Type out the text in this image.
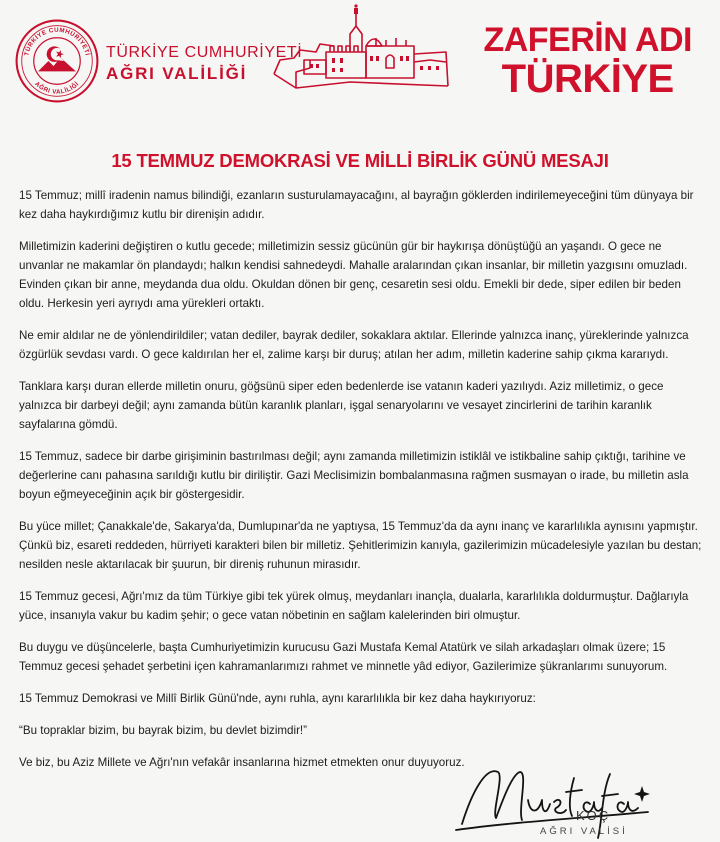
TÜRKİYE CUMHURİYETİ
AĞRI VALİLİĞİ
TÜRKİYE CUMHURİYETİ
AĞRI VALİLİĞİ
ZAFERİN ADI
TÜRKİYE
15 TEMMUZ DEMOKRASİ VE MİLLİ BİRLİK GÜNÜ MESAJI

15 Temmuz; millî iradenin namus bilindiği, ezanların susturulamayacağını, al bayrağın göklerden indirilemeyeceğini tüm dünyaya bir kez daha haykırdığımız kutlu bir direnişin adıdır.

Milletimizin kaderini değiştiren o kutlu gecede; milletimizin sessiz gücünün gür bir haykırışa dönüştüğü an yaşandı. O gece ne unvanlar ne makamlar ön plandaydı; halkın kendisi sahnedeydi. Mahalle aralarından çıkan insanlar, bir milletin yazgısını omuzladı. Evinden çıkan bir anne, meydanda dua oldu. Okuldan dönen bir genç, cesaretin sesi oldu. Emekli bir dede, siper edilen bir beden oldu. Herkesin yeri ayrıydı ama yürekleri ortaktı.

Ne emir aldılar ne de yönlendirildiler; vatan dediler, bayrak dediler, sokaklara aktılar. Ellerinde yalnızca inanç, yüreklerinde yalnızca özgürlük sevdası vardı. O gece kaldırılan her el, zalime karşı bir duruş; atılan her adım, milletin kaderine sahip çıkma kararıydı.

Tanklara karşı duran ellerde milletin onuru, göğsünü siper eden bedenlerde ise vatanın kaderi yazılıydı. Aziz milletimiz, o gece yalnızca bir darbeyi değil; aynı zamanda bütün karanlık planları, işgal senaryolarını ve vesayet zincirlerini de tarihin karanlık sayfalarına gömdü.

15 Temmuz, sadece bir darbe girişiminin bastırılması değil; aynı zamanda milletimizin istiklâl ve istikbaline sahip çıktığı, tarihine ve değerlerine canı pahasına sarıldığı kutlu bir diriliştir. Gazi Meclisimizin bombalanmasına rağmen susmayan o irade, bu milletin asla boyun eğmeyeceğinin açık bir göstergesidir.

Bu yüce millet; Çanakkale'de, Sakarya'da, Dumlupınar'da ne yaptıysa, 15 Temmuz'da da aynı inanç ve kararlılıkla aynısını yapmıştır. Çünkü biz, esareti reddeden, hürriyeti karakteri bilen bir milletiz. Şehitlerimizin kanıyla, gazilerimizin mücadelesiyle yazılan bu destan; nesilden nesle aktarılacak bir şuurun, bir direniş ruhunun mirasıdır.

15 Temmuz gecesi, Ağrı'mız da tüm Türkiye gibi tek yürek olmuş, meydanları inançla, dualarla, kararlılıkla doldurmuştur. Dağlarıyla yüce, insanıyla vakur bu kadim şehir; o gece vatan nöbetinin en sağlam kalelerinden biri olmuştur.

Bu duygu ve düşüncelerle, başta Cumhuriyetimizin kurucusu Gazi Mustafa Kemal Atatürk ve silah arkadaşları olmak üzere; 15 Temmuz gecesi şehadet şerbetini içen kahramanlarımızı rahmet ve minnetle yâd ediyor, Gazilerimize şükranlarımı sunuyorum.

15 Temmuz Demokrasi ve Millî Birlik Günü'nde, aynı ruhla, aynı kararlılıkla bir kez daha haykırıyoruz:

“Bu topraklar bizim, bu bayrak bizim, bu devlet bizimdir!”

Ve biz, bu Aziz Millete ve Ağrı'nın vefakâr insanlarına hizmet etmekten onur duyuyoruz.

KOÇ
AĞRI VALİSİ
